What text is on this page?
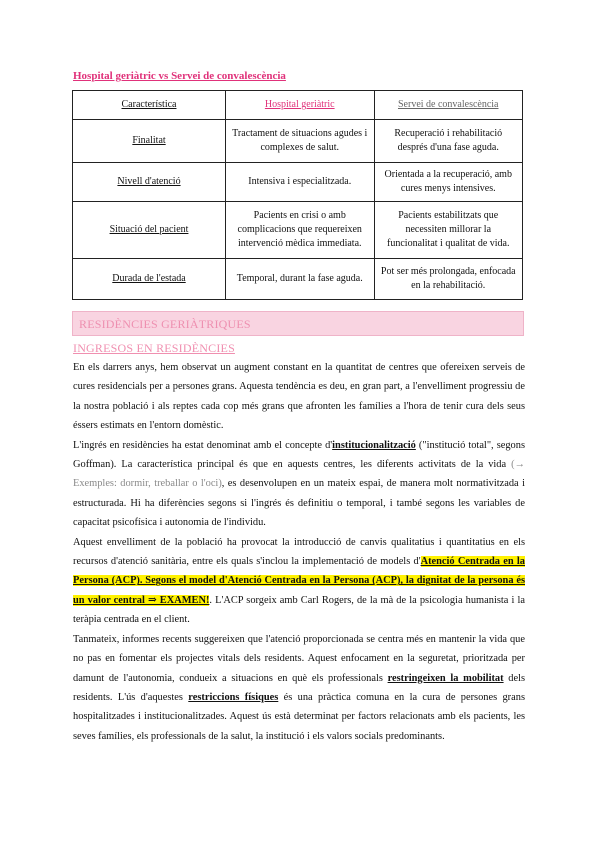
Hospital geriàtric vs Servei de convalescència
Característica	Hospital geriàtric	Servei de convalescència
Finalitat	Tractament de situacions agudes i complexes de salut.	Recuperació i rehabilitació després d'una fase aguda.
Nivell d'atenció	Intensiva i especialitzada.	Orientada a la recuperació, amb cures menys intensives.
Situació del pacient	Pacients en crisi o amb complicacions que requereixen intervenció mèdica immediata.	Pacients estabilitzats que necessiten millorar la funcionalitat i qualitat de vida.
Durada de l'estada	Temporal, durant la fase aguda.	Pot ser més prolongada, enfocada en la rehabilitació.
RESIDÈNCIES GERIÀTRIQUES
INGRESOS EN RESIDÈNCIES

En els darrers anys, hem observat un augment constant en la quantitat de centres que ofereixen serveis de cures residencials per a persones grans. Aquesta tendència es deu, en gran part, a l'envelliment progressiu de la nostra població i als reptes cada cop més grans que afronten les famílies a l'hora de tenir cura dels seus éssers estimats en l'entorn domèstic.

L'ingrés en residències ha estat denominat amb el concepte d'institucionalització ("institució total", segons Goffman). La característica principal és que en aquests centres, les diferents activitats de la vida (→ Exemples: dormir, treballar o l'oci), es desenvolupen en un mateix espai, de manera molt normativitzada i estructurada. Hi ha diferències segons si l'ingrés és definitiu o temporal, i també segons les variables de capacitat psicofísica i autonomia de l'individu.

Aquest envelliment de la població ha provocat la introducció de canvis qualitatius i quantitatius en els recursos d'atenció sanitària, entre els quals s'inclou la implementació de models d'Atenció Centrada en la Persona (ACP). Segons el model d'Atenció Centrada en la Persona (ACP), la dignitat de la persona és un valor central ⇒ EXAMEN!. L'ACP sorgeix amb Carl Rogers, de la mà de la psicologia humanista i la teràpia centrada en el client.

Tanmateix, informes recents suggereixen que l'atenció proporcionada se centra més en mantenir la vida que no pas en fomentar els projectes vitals dels residents. Aquest enfocament en la seguretat, prioritzada per damunt de l'autonomia, condueix a situacions en què els professionals restringeixen la mobilitat dels residents. L'ús d'aquestes restriccions físiques és una pràctica comuna en la cura de persones grans hospitalitzades i institucionalitzades. Aquest ús està determinat per factors relacionats amb els pacients, les seves famílies, els professionals de la salut, la institució i els valors socials predominants.
